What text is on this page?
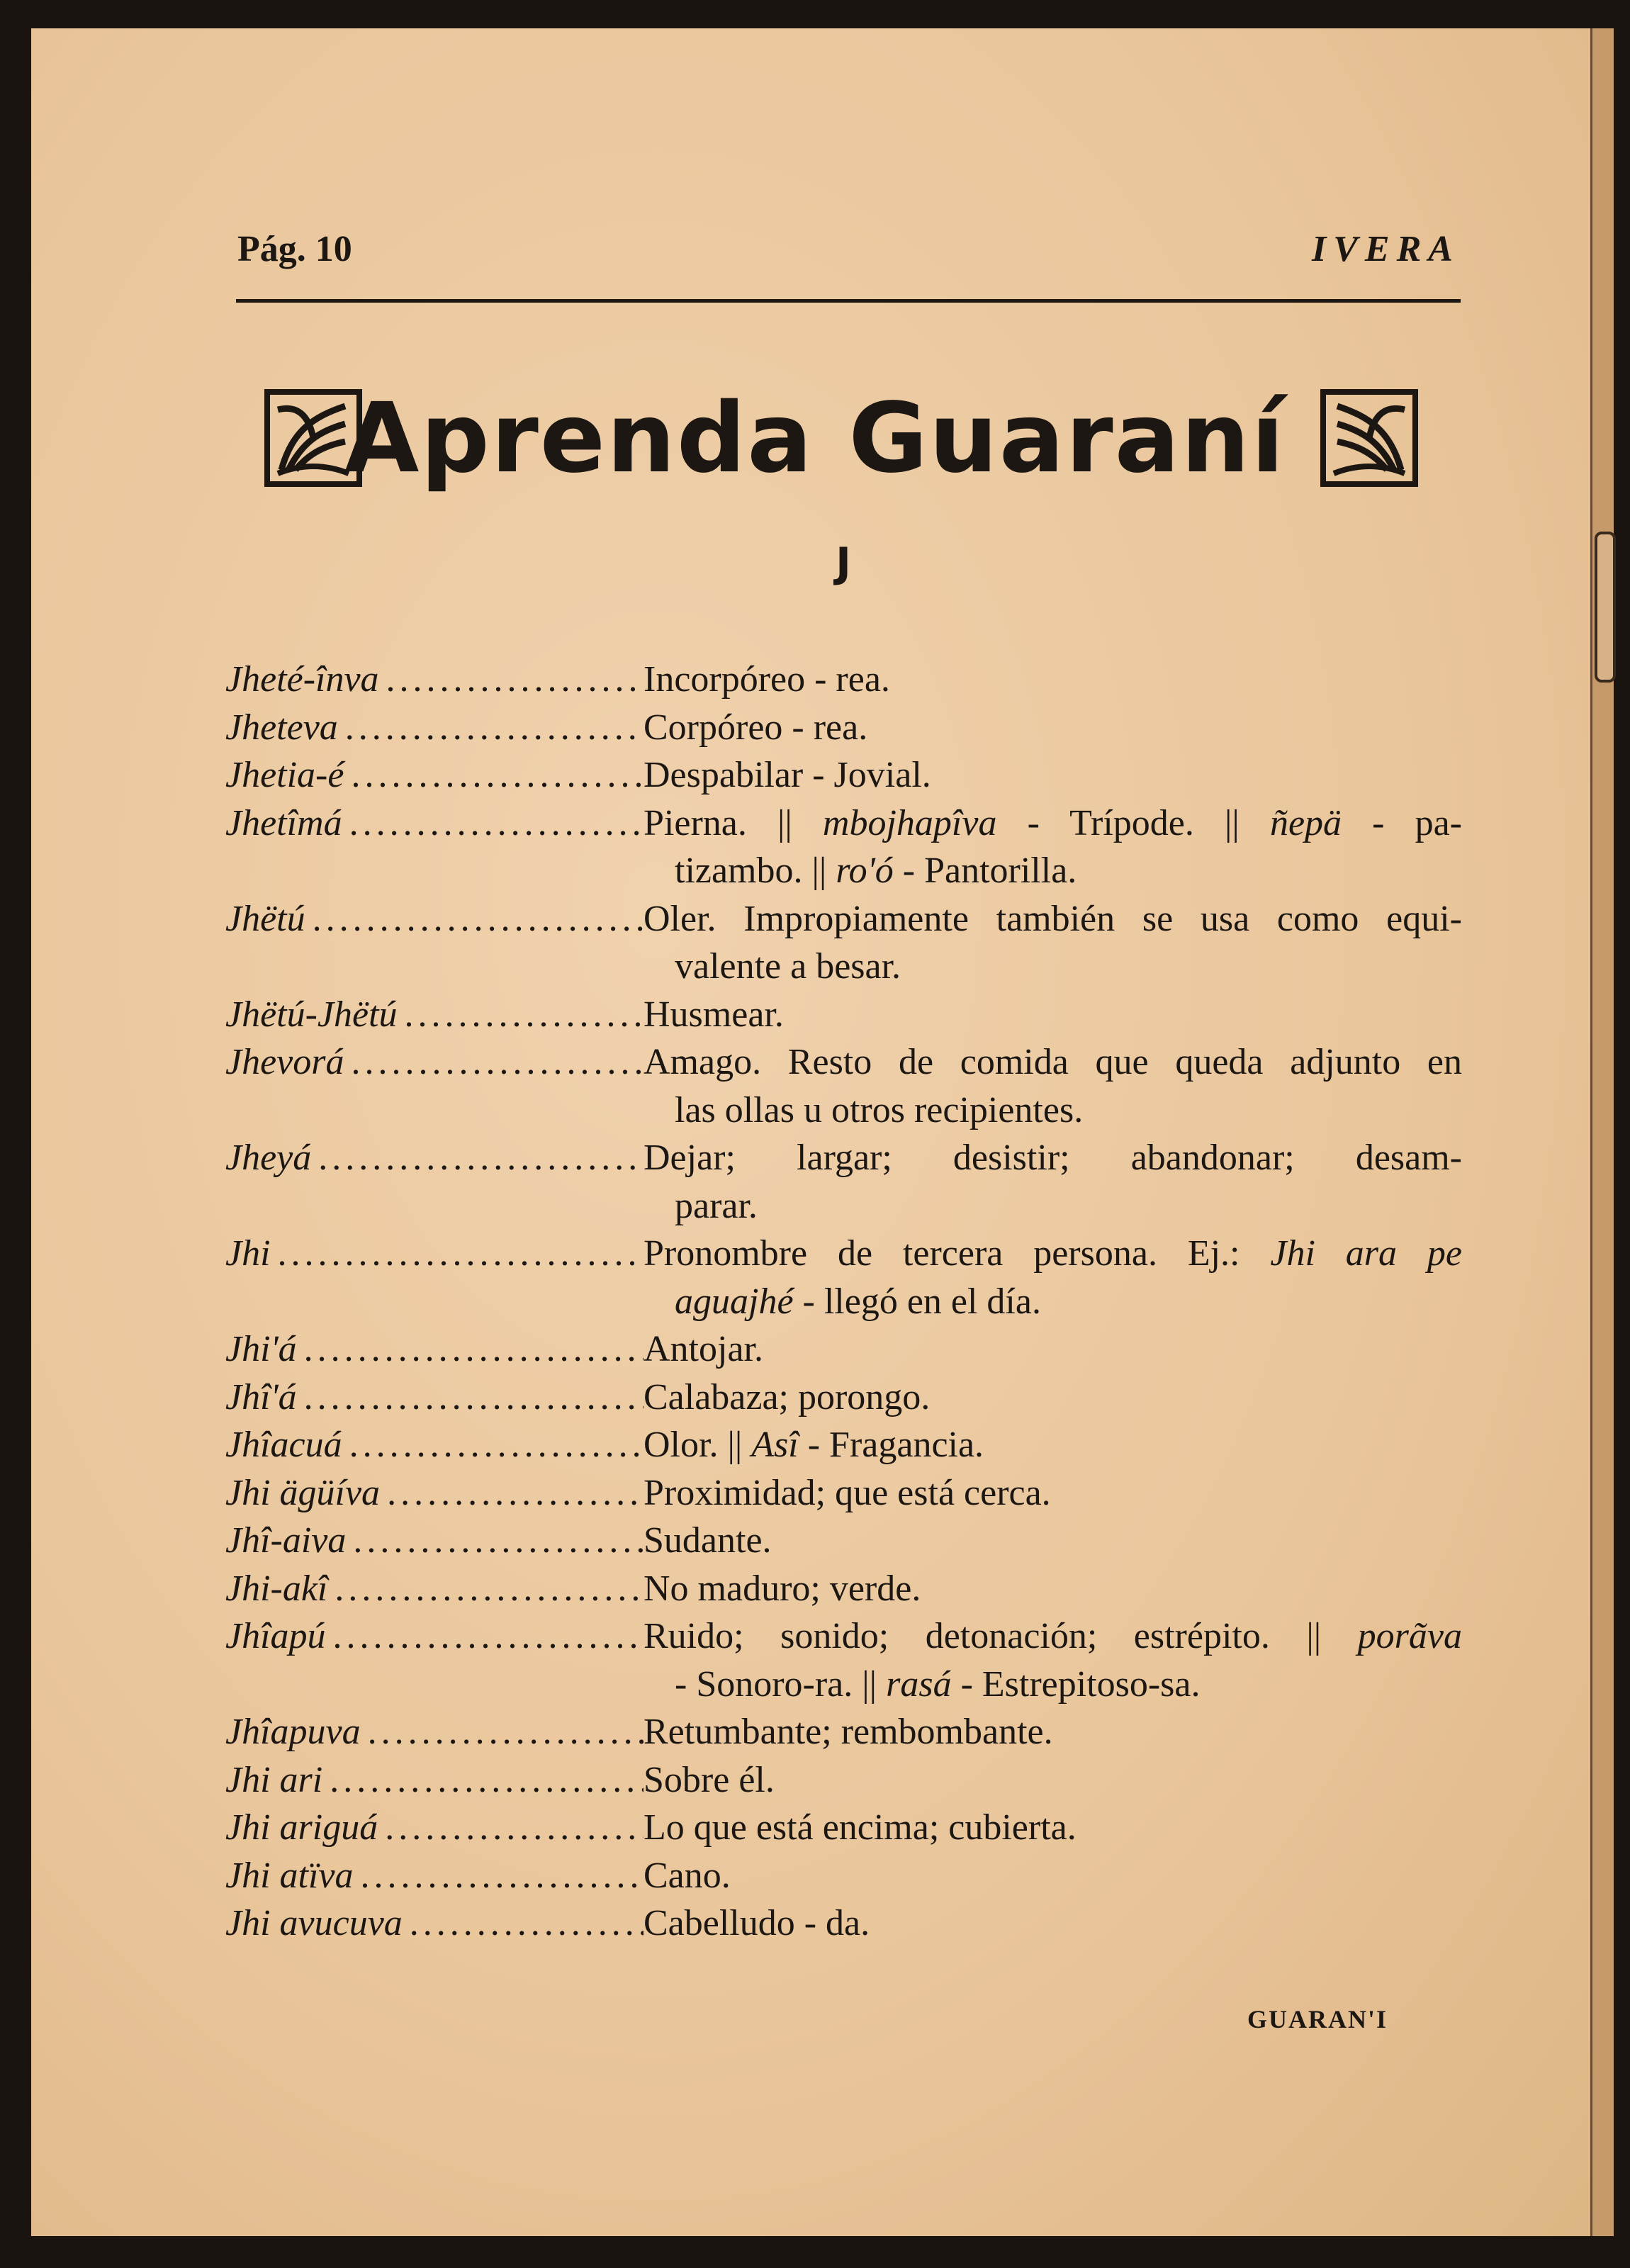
Pág. 10	IVERA
Aprenda Guaraní
J
Jheté-înva .....	Incorpóreo - rea.
Jheteva .....	Corpóreo - rea.
Jhetia-é .....	Despabilar - Jovial.
Jhetîmá .....	Pierna. || mbojhapîva - Trípode. || ñepä - pa-
tizambo. || ro'ó - Pantorilla.
Jhëtú .....	Oler. Impropiamente también se usa como equi-
valente a besar.
Jhëtú-Jhëtú .....	Husmear.
Jhevorá .....	Amago. Resto de comida que queda adjunto en
las ollas u otros recipientes.
Jheyá .....	Dejar; largar; desistir; abandonar; desam-
parar.
Jhi .....	Pronombre de tercera persona. Ej.: Jhi ara pe
aguajhé - llegó en el día.
Jhi'á .....	Antojar.
Jhî'á .....	Calabaza; porongo.
Jhîacuá .....	Olor. || Asî - Fragancia.
Jhi ägüíva .....	Proximidad; que está cerca.
Jhî-aiva .....	Sudante.
Jhi-akî .....	No maduro; verde.
Jhîapú .....	Ruido; sonido; detonación; estrépito. || porãva
- Sonoro-ra. || rasá - Estrepitoso-sa.
Jhîapuva .....	Retumbante; rembombante.
Jhi ari .....	Sobre él.
Jhi ariguá .....	Lo que está encima; cubierta.
Jhi atïva .....	Cano.
Jhi avucuva .....	Cabelludo - da.
GUARAN'I
